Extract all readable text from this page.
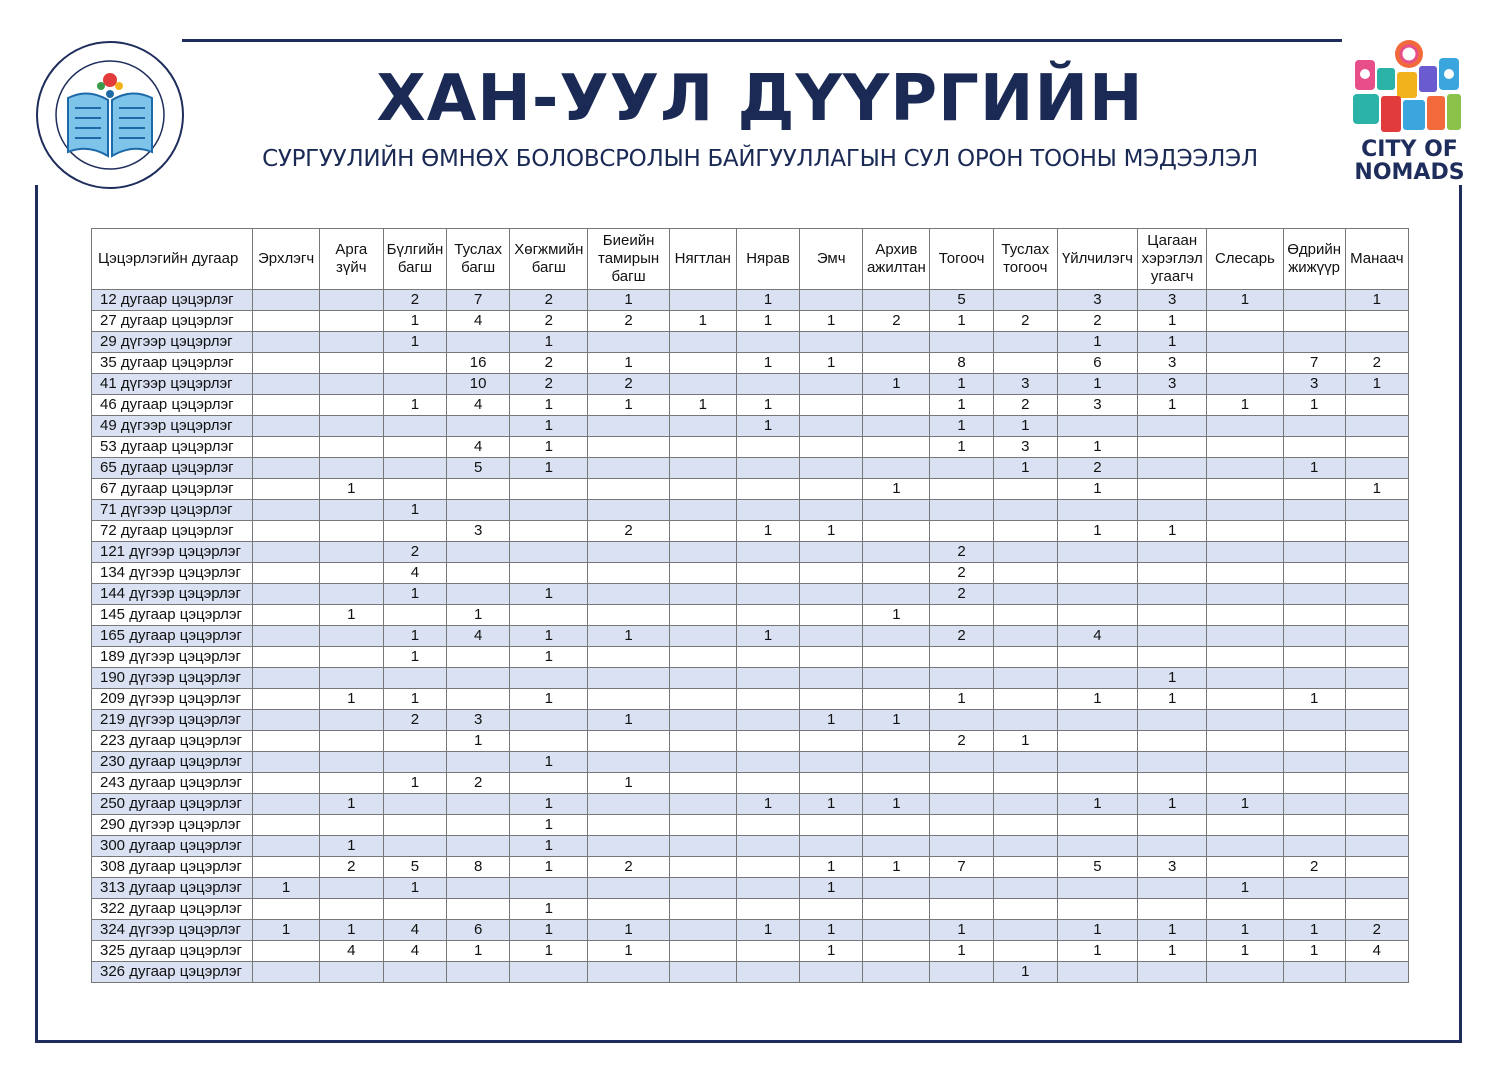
CITY OF
NOMADS
ХАН-УУЛ ДҮҮРГИЙН
СУРГУУЛИЙН ӨМНӨХ БОЛОВСРОЛЫН БАЙГУУЛЛАГЫН СУЛ ОРОН ТООНЫ МЭДЭЭЛЭЛ
Цэцэрлэгийн дугаар	Эрхлэгч	Арга зүйч	Бүлгийн багш	Туслах багш	Хөгжмийн багш	Биеийн тамирын багш	Нягтлан	Нярав	Эмч	Архив ажилтан	Тогооч	Туслах тогооч	Үйлчилэгч	Цагаан хэрэглэл угаагч	Слесарь	Өдрийн жижүүр	Манаач
12 дугаар цэцэрлэг			2	7	2	1		1			5		3	3	1		1
27 дугаар цэцэрлэг			1	4	2	2	1	1	1	2	1	2	2	1			
29 дүгээр цэцэрлэг			1		1								1	1			
35 дугаар цэцэрлэг				16	2	1		1	1		8		6	3		7	2
41 дүгээр цэцэрлэг				10	2	2				1	1	3	1	3		3	1
46 дугаар цэцэрлэг			1	4	1	1	1	1			1	2	3	1	1	1	
49 дүгээр цэцэрлэг					1			1			1	1					
53 дугаар цэцэрлэг				4	1						1	3	1				
65 дугаар цэцэрлэг				5	1							1	2			1	
67 дугаар цэцэрлэг		1								1			1				1
71 дүгээр цэцэрлэг			1														
72 дугаар цэцэрлэг				3		2		1	1				1	1			
121 дүгээр цэцэрлэг			2								2						
134 дүгээр цэцэрлэг			4								2						
144 дүгээр цэцэрлэг			1		1						2						
145 дугаар цэцэрлэг		1		1						1							
165 дугаар цэцэрлэг			1	4	1	1		1			2		4				
189 дүгээр цэцэрлэг			1		1												
190 дүгээр цэцэрлэг														1			
209 дүгээр цэцэрлэг		1	1		1						1		1	1		1	
219 дүгээр цэцэрлэг			2	3		1			1	1							
223 дугаар цэцэрлэг				1							2	1					
230 дугаар цэцэрлэг					1												
243 дугаар цэцэрлэг			1	2		1											
250 дугаар цэцэрлэг		1			1			1	1	1			1	1	1		
290 дүгээр цэцэрлэг					1												
300 дугаар цэцэрлэг		1			1												
308 дугаар цэцэрлэг		2	5	8	1	2			1	1	7		5	3		2	
313 дугаар цэцэрлэг	1		1						1						1		
322 дугаар цэцэрлэг					1												
324 дүгээр цэцэрлэг	1	1	4	6	1	1		1	1		1		1	1	1	1	2
325 дугаар цэцэрлэг		4	4	1	1	1			1		1		1	1	1	1	4
326 дугаар цэцэрлэг												1					
